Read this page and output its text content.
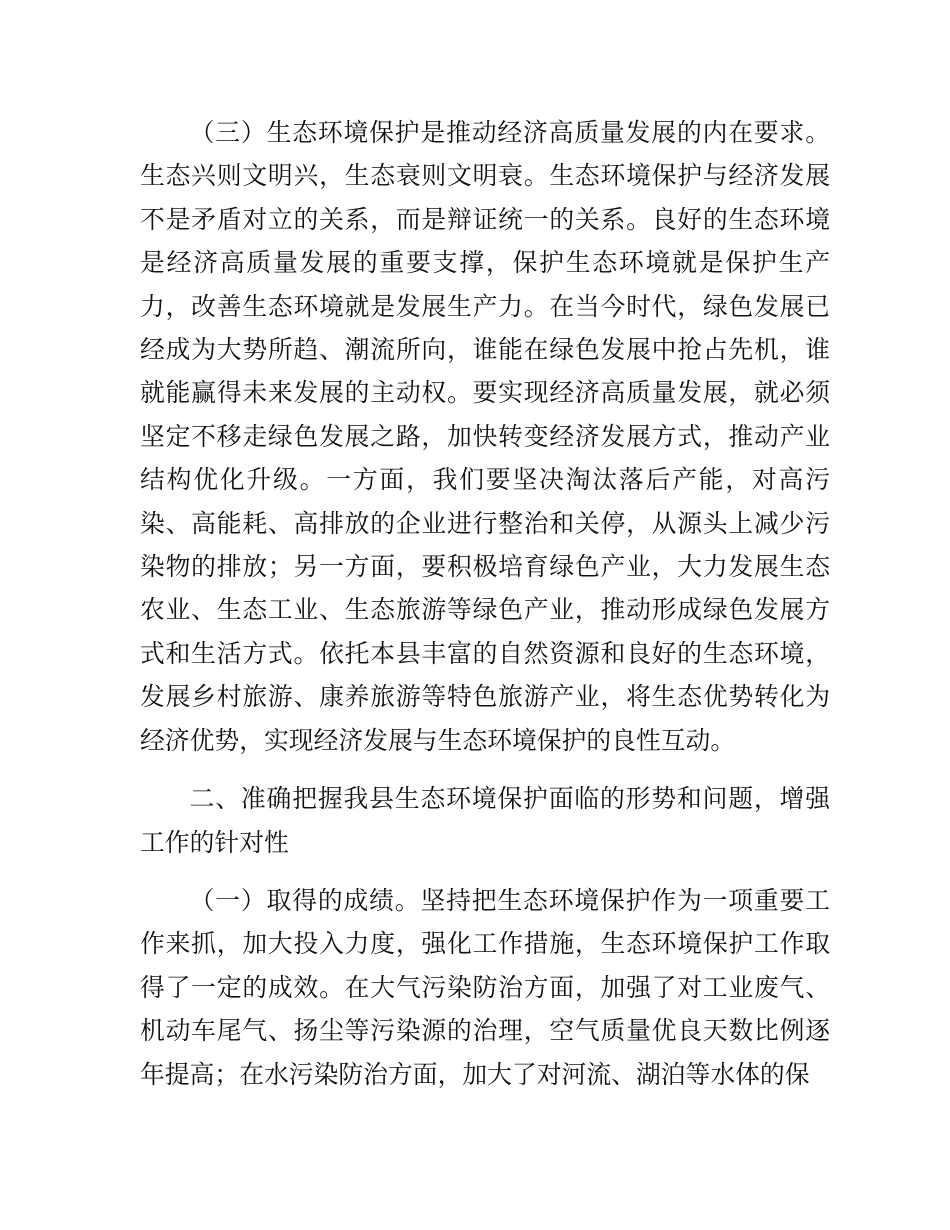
（三）生态环境保护是推动经济高质量发展的内在要求。生态兴则文明兴，生态衰则文明衰。生态环境保护与经济发展不是矛盾对立的关系，而是辩证统一的关系。良好的生态环境是经济高质量发展的重要支撑，保护生态环境就是保护生产力，改善生态环境就是发展生产力。在当今时代，绿色发展已经成为大势所趋、潮流所向，谁能在绿色发展中抢占先机，谁就能赢得未来发展的主动权。要实现经济高质量发展，就必须坚定不移走绿色发展之路，加快转变经济发展方式，推动产业结构优化升级。一方面，我们要坚决淘汰落后产能，对高污染、高能耗、高排放的企业进行整治和关停，从源头上减少污染物的排放；另一方面，要积极培育绿色产业，大力发展生态农业、生态工业、生态旅游等绿色产业，推动形成绿色发展方式和生活方式。依托本县丰富的自然资源和良好的生态环境，发展乡村旅游、康养旅游等特色旅游产业，将生态优势转化为经济优势，实现经济发展与生态环境保护的良性互动。

二、准确把握我县生态环境保护面临的形势和问题，增强工作的针对性

（一）取得的成绩。坚持把生态环境保护作为一项重要工作来抓，加大投入力度，强化工作措施，生态环境保护工作取得了一定的成效。在大气污染防治方面，加强了对工业废气、机动车尾气、扬尘等污染源的治理，空气质量优良天数比例逐年提高；在水污染防治方面，加大了对河流、湖泊等水体的保
